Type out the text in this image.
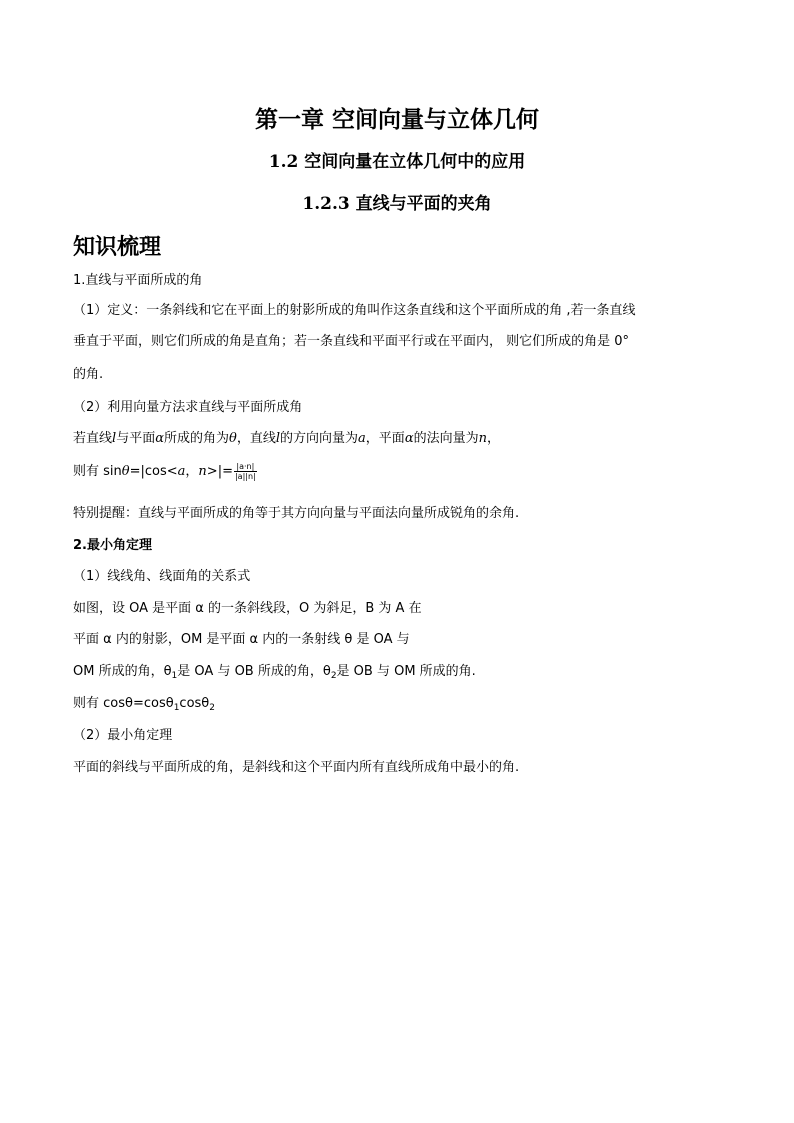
第一章 空间向量与立体几何
1.2 空间向量在立体几何中的应用
1.2.3 直线与平面的夹角
知识梳理
1.直线与平面所成的角
（1）定义：一条斜线和它在平面上的射影所成的角叫作这条直线和这个平面所成的角 ,若一条直线
垂直于平面，则它们所成的角是直角；若一条直线和平面平行或在平面内， 则它们所成的角是 0°
的角.
（2）利用向量方法求直线与平面所成角
若直线l与平面α所成的角为θ，直线l的方向向量为a，平面α的法向量为n，
则有 sinθ=|cos<a，$n>|= \frac{|a\cdot n|}{|a||n|}$
特别提醒：直线与平面所成的角等于其方向向量与平面法向量所成锐角的余角.
2.最小角定理
（1）线线角、线面角的关系式
如图，设 OA 是平面 α 的一条斜线段，O 为斜足，B 为 A 在
平面 α 内的射影，OM 是平面 α 内的一条射线 θ 是 OA 与
OM 所成的角，$\theta_1$是 OA 与 OB 所成的角，$\theta_2$是 OB 与 OM 所成的角.
则有 cosθ=cosθ$_1$cosθ$_2$
（2）最小角定理
平面的斜线与平面所成的角，是斜线和这个平面内所有直线所成角中最小的角.
